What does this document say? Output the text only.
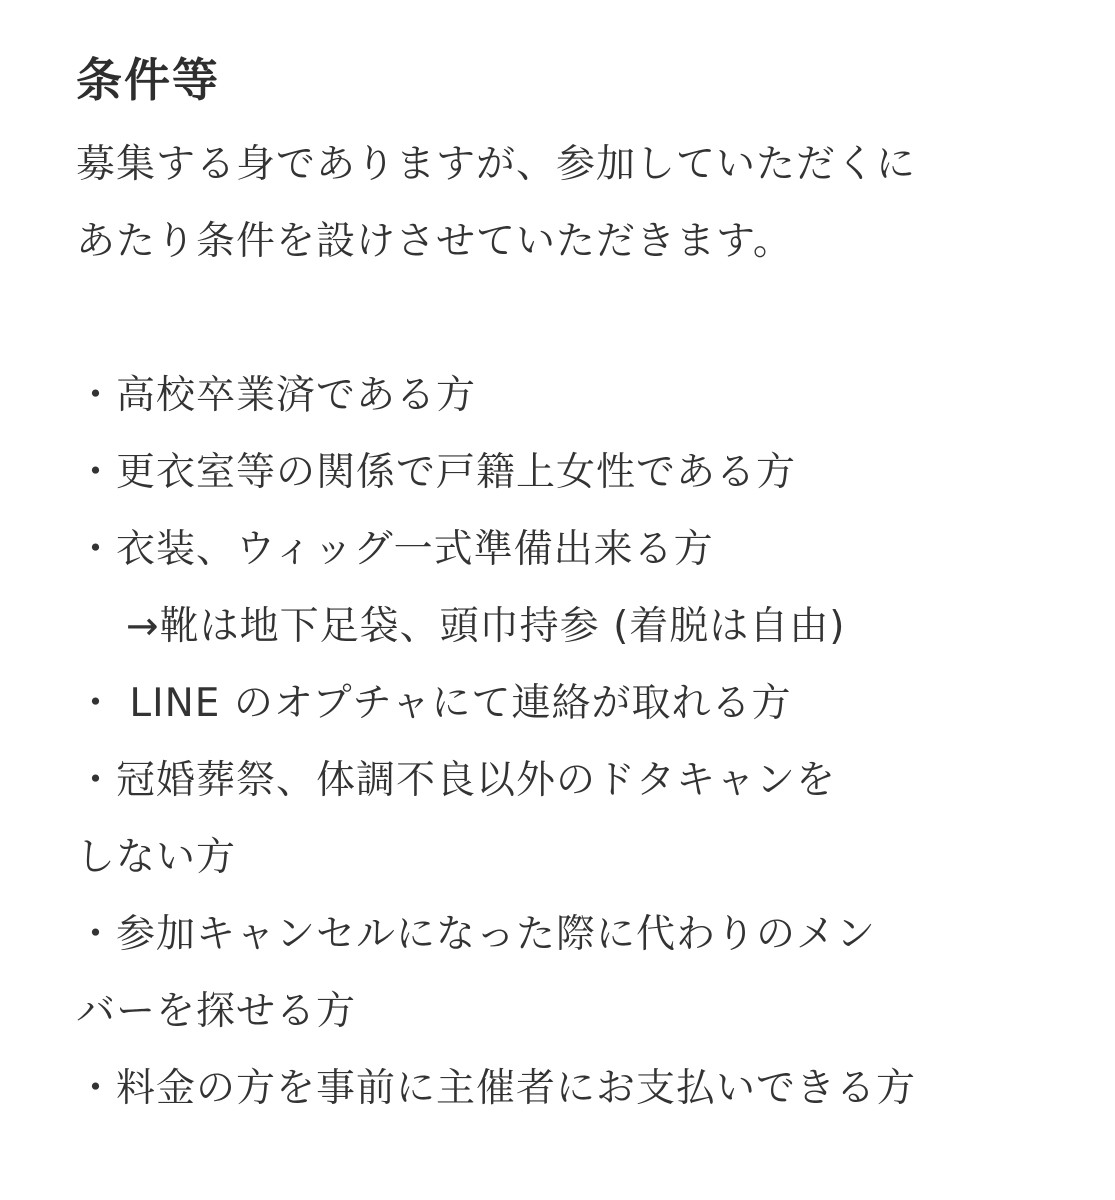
条件等

募集する身でありますが、参加していただくに
あたり条件を設けさせていただきます。

・高校卒業済である方
・更衣室等の関係で戸籍上女性である方
・衣装、ウィッグ一式準備出来る方
→靴は地下足袋、頭巾持参 (着脱は自由)
・ LINE のオプチャにて連絡が取れる方
・冠婚葬祭、体調不良以外のドタキャンを
しない方
・参加キャンセルになった際に代わりのメン
バーを探せる方
・料金の方を事前に主催者にお支払いできる方
